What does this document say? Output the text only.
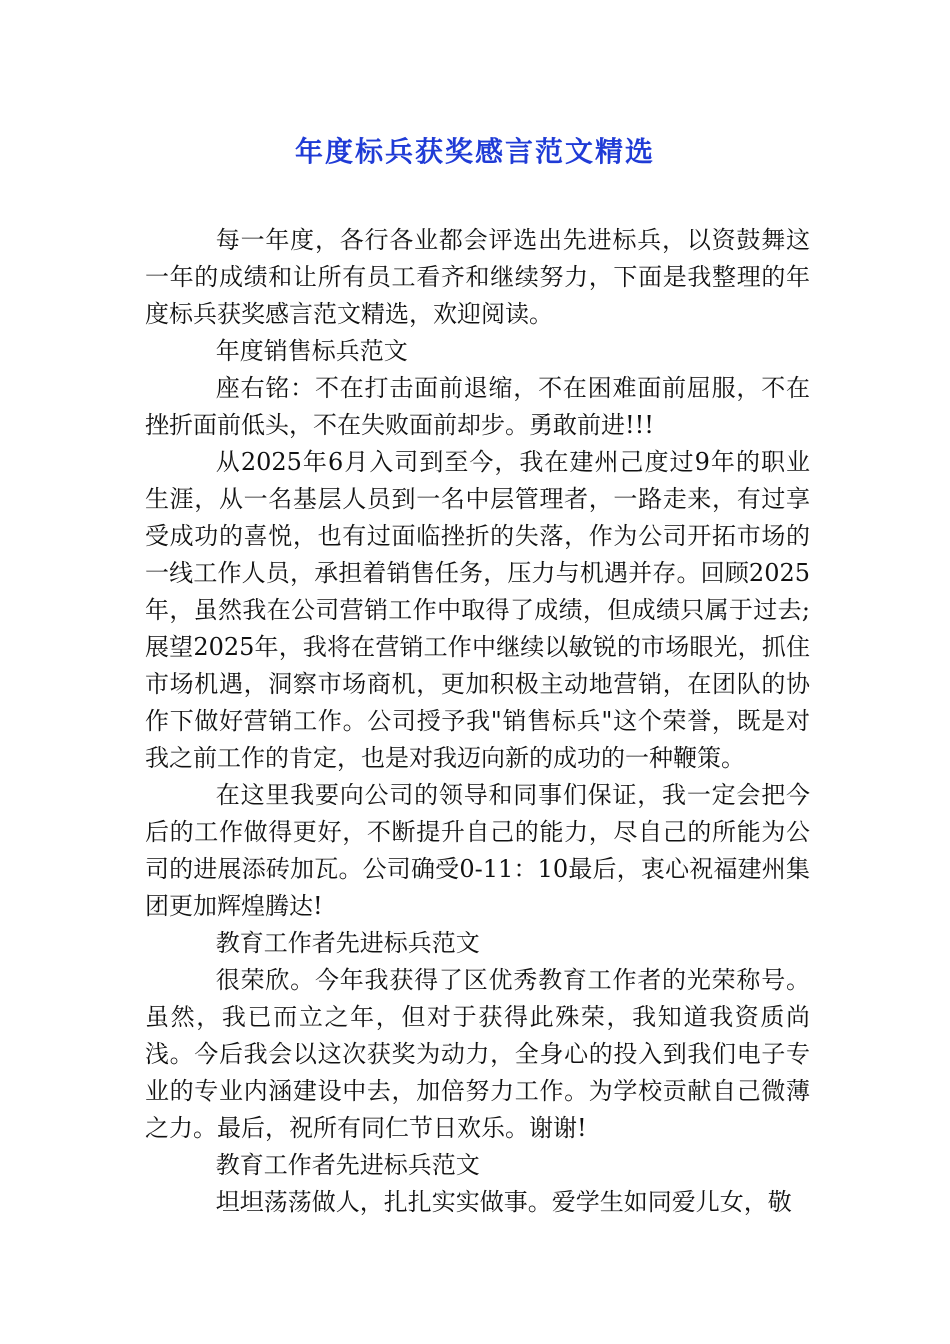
年度标兵获奖感言范文精选

每一年度，各行各业都会评选出先进标兵，以资鼓舞这一年的成绩和让所有员工看齐和继续努力，下面是我整理的年度标兵获奖感言范文精选，欢迎阅读。

年度销售标兵范文

座右铭：不在打击面前退缩，不在困难面前屈服，不在挫折面前低头，不在失败面前却步。勇敢前进!!!

从2025年6月入司到至今，我在建州己度过9年的职业生涯，从一名基层人员到一名中层管理者，一路走来，有过享受成功的喜悦，也有过面临挫折的失落，作为公司开拓市场的一线工作人员，承担着销售任务，压力与机遇并存。回顾2025年，虽然我在公司营销工作中取得了成绩，但成绩只属于过去;展望2025年，我将在营销工作中继续以敏锐的市场眼光，抓住市场机遇，洞察市场商机，更加积极主动地营销，在团队的协作下做好营销工作。公司授予我"销售标兵"这个荣誉，既是对我之前工作的肯定，也是对我迈向新的成功的一种鞭策。

在这里我要向公司的领导和同事们保证，我一定会把今后的工作做得更好，不断提升自己的能力，尽自己的所能为公司的进展添砖加瓦。公司确受0-11：10最后，衷心祝福建州集团更加辉煌腾达!

教育工作者先进标兵范文

很荣欣。今年我获得了区优秀教育工作者的光荣称号。虽然，我已而立之年，但对于获得此殊荣，我知道我资质尚浅。今后我会以这次获奖为动力，全身心的投入到我们电子专业的专业内涵建设中去，加倍努力工作。为学校贡献自己微薄之力。最后，祝所有同仁节日欢乐。谢谢!

教育工作者先进标兵范文

坦坦荡荡做人，扎扎实实做事。爱学生如同爱儿女，敬
